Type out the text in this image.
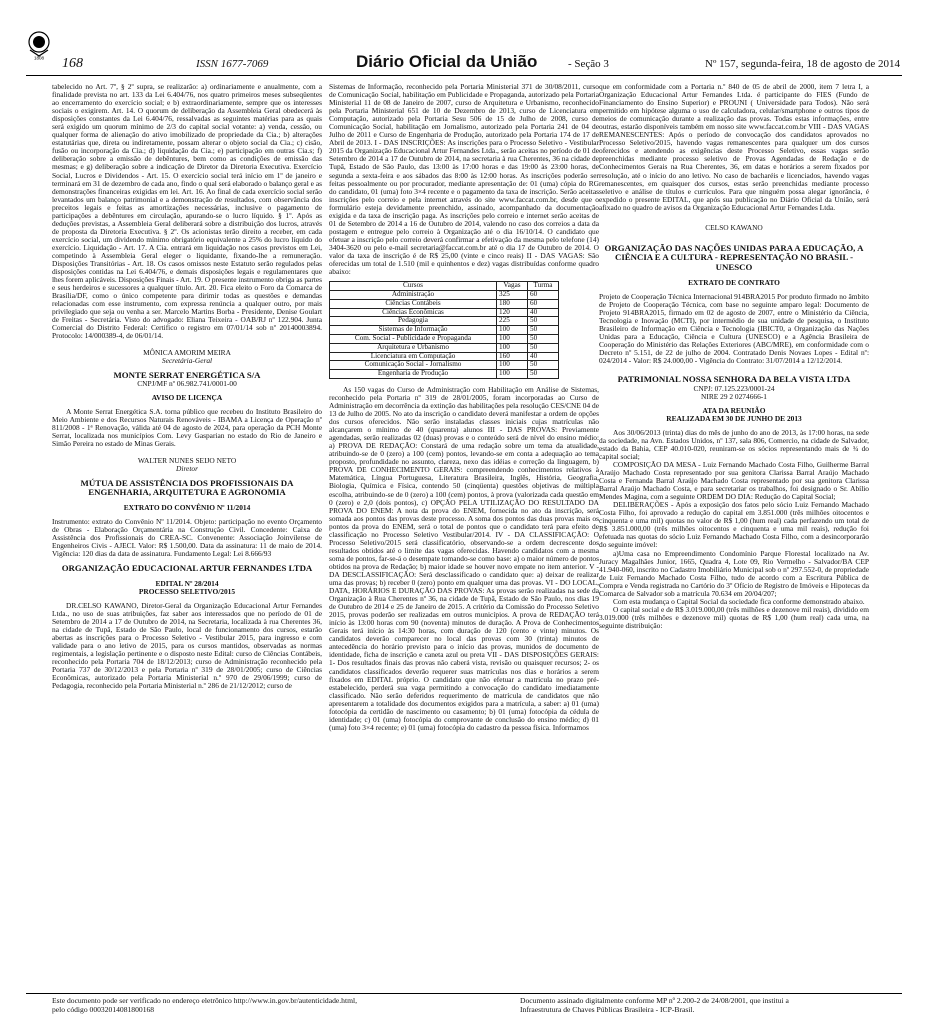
1808 168	ISSN 1677-7069	Diário Oficial da União	- Seção 3	Nº 157, segunda-feira, 18 de agosto de 2014

tabelecido no Art. 7º, § 2º supra, se realizarão: a) ordinariamente e anualmente, com a finalidade prevista no art. 133 da Lei 6.404/76, nos quatro primeiros meses subseqüentes ao encerramento do exercício social; e b) extraordinariamente, sempre que os interesses sociais o exigirem. Art. 14. O quorum de deliberação da Assembleia Geral obedecerá às disposições constantes da Lei 6.404/76, ressalvadas as seguintes matérias para as quais será exigido um quorum mínimo de 2/3 do capital social votante: a) venda, cessão, ou qualquer forma de alienação do ativo imobilizado de propriedade da Cia.; b) alterações estatutárias que, direta ou indiretamente, possam alterar o objeto social da Cia.; c) cisão, fusão ou incorporação da Cia.; d) liquidação da Cia.; e) participação em outras Cia.s; f) deliberação sobre a emissão de debêntures, bem como as condições de emissão das mesmas; e g) deliberação sobre a indicação de Diretor da Diretoria Executiva. Exercício Social, Lucros e Dividendos - Art. 15. O exercício social terá início em 1º de janeiro e terminará em 31 de dezembro de cada ano, findo o qual será elaborado o balanço geral e as demonstrações financeiras exigidas em lei. Art. 16. Ao final de cada exercício social serão levantados um balanço patrimonial e a demonstração de resultados, com observância dos preceitos legais e feitas as amortizações necessárias, inclusive o pagamento de participações a debêntures em circulação, apurando-se o lucro líquido. § 1º. Após as deduções previstas, a Assembleia Geral deliberará sobre a distribuição dos lucros, através de proposta da Diretoria Executiva. § 2º. Os acionistas terão direito a receber, em cada exercício social, um dividendo mínimo obrigatório equivalente a 25% do lucro líquido do exercício. Liquidação - Art. 17. A Cia. entrará em liquidação nos casos previstos em Lei, competindo à Assembleia Geral eleger o liquidante, fixando-lhe a remuneração. Disposições Transitórias - Art. 18. Os casos omissos neste Estatuto serão regulados pelas disposições contidas na Lei 6.404/76, e demais disposições legais e regulamentares que lhes forem aplicáveis. Disposições Finais - Art. 19. O presente instrumento obriga as partes e seus herdeiros e sucessores a qualquer título. Art. 20. Fica eleito o Foro da Comarca de Brasília/DF, como o único competente para dirimir todas as questões e demandas relacionadas com esse instrumento, com expressa renúncia a qualquer outro, por mais privilegiado que seja ou venha a ser. Marcelo Martins Borba - Presidente, Denise Goulart de Freitas - Secretária. Visto do advogado: Eliana Teixeira - OAB/RJ nº 122.904. Junta Comercial do Distrito Federal: Certifico o registro em 07/01/14 sob nº 20140003894. Protocolo: 14/000389-4, de 06/01/14.

MÔNICA AMORIM MEIRA

Secretária-Geral

MONTE SERRAT ENERGÉTICA S/A
CNPJ/MF nº 06.982.741/0001-00
AVISO DE LICENÇA

A Monte Serrat Energética S.A. torna público que recebeu do Instituto Brasileiro do Meio Ambiente e dos Recursos Naturais Renováveis - IBAMA a Licença de Operação nº 811/2008 - 1ª Renovação, válida até 04 de agosto de 2024, para operação da PCH Monte Serrat, localizada nos municípios Com. Levy Gasparian no estado do Rio de Janeiro e Simão Pereira no estado de Minas Gerais.

WALTER NUNES SEIJO NETO

Diretor

MÚTUA DE ASSISTÊNCIA DOS PROFISSIONAIS DA ENGENHARIA, ARQUITETURA E AGRONOMIA
EXTRATO DO CONVÊNIO Nº 11/2014

Instrumento: extrato do Convênio Nº 11/2014. Objeto: participação no evento Orçamento de Obras - Elaboração Orçamentária na Construção Civil. Concedente: Caixa de Assistência dos Profissionais do CREA-SC. Convenente: Associação Joinvilense de Engenheiros Civis - AJECI. Valor: R$ 1.500,00. Data da assinatura: 11 de maio de 2014. Vigência: 120 dias da data de assinatura. Fundamento Legal: Lei 8.666/93

ORGANIZAÇÃO EDUCACIONAL ARTUR FERNANDES LTDA
EDITAL Nº 28/2014
PROCESSO SELETIVO/2015

DR.CELSO KAWANO, Diretor-Geral da Organização Educacional Artur Fernandes Ltda., no uso de suas atribuições, faz saber aos interessados que no período de 01 de Setembro de 2014 a 17 de Outubro de 2014, na Secretaria, localizada à rua Cherentes 36, na cidade de Tupã, Estado de São Paulo, local de funcionamento dos cursos, estarão abertas as inscrições para o Processo Seletivo - Vestibular 2015, para ingresso e com validade para o ano letivo de 2015, para os cursos mantidos, observadas as normas regimentais, a legislação pertinente e o disposto neste Edital: curso de Ciências Contábeis, reconhecido pela Portaria 704 de 18/12/2013; curso de Administração reconhecido pela Portaria 737 de 30/12/2013 e pela Portaria nº 319 de 28/01/2005; curso de Ciências Econômicas, autorizado pela Portaria Ministerial n.º 970 de 29/06/1999; curso de Pedagogia, reconhecido pela Portaria Ministerial n.º 286 de 21/12/2012; curso de

Sistemas de Informação, reconhecido pela Portaria Ministerial 371 de 30/08/2011, curso de Comunicação Social, habilitação em Publicidade e Propaganda, autorizado pela Portaria Ministerial 11 de 08 de Janeiro de 2007, curso de Arquitetura e Urbanismo, reconhecido pela Portaria Ministerial 651 de 10 de Dezembro de 2013, curso de Licenciatura em Computação, autorizado pela Portaria Sesu 506 de 15 de Julho de 2008, curso de Comunicação Social, habilitação em Jornalismo, autorizado pela Portaria 241 de 04 de Julho de 2011 e Curso de Engenharia de Produção, autorizado pela Portaria 174 de 17 de Abril de 2013. I - DAS INSCRIÇÕES: As inscrições para o Processo Seletivo - Vestibular 2015 da Organização Educacional Artur Fernandes Ltda., serão aceitas no período de 01 de Setembro de 2014 a 17 de Outubro de 2014, na secretaria à rua Cherentes, 36 na cidade de Tupã, Estado de São Paulo, das 13:00 às 17:00 horas e das 19:00 às 23:00 horas, de segunda a sexta-feira e aos sábados das 8:00 às 12:00 horas. As inscrições poderão ser feitas pessoalmente ou por procurador, mediante apresentação de: 01 (uma) cópia do RG do candidato, 01 (uma) foto 3×4 recente e o pagamento da taxa de inscrição. Serão aceitas inscrições pelo correio e pela internet através do site www.faccat.com.br, desde que o formulário esteja devidamente preenchido, assinado, acompanhado da documentação exigida e da taxa de inscrição paga. As inscrições pelo correio e internet serão aceitas de 01 de Setembro de 2014 a 16 de Outubro de 2014, valendo no caso dos correios a data da postagem e entregue pelo correio à Organização até o dia 16/10/14. O candidato que efetuar a inscrição pelo correio deverá confirmar a efetivação da mesma pelo telefone (14) 3404-3620 ou pelo e-mail secretaria@faccat.com.br até o dia 17 de Outubro de 2014. O valor da taxa de inscrição é de R$ 25,00 (vinte e cinco reais) II - DAS VAGAS: São oferecidas um total de 1.510 (mil e quinhentos e dez) vagas distribuídas conforme quadro abaixo:

Cursos	Vagas	Turma
Administração	325	60
Ciências Contábeis	180	60
Ciências Econômicas	120	40
Pedagogia	225	50
Sistemas de Informação	100	50
Com. Social - Publicidade e Propaganda	100	50
Arquitetura e Urbanismo	100	50
Licenciatura em Computação	160	40
Comunicação Social - Jornalismo	100	50
Engenharia de Produção	100	50

As 150 vagas do Curso de Administração com Habilitação em Análise de Sistemas, reconhecido pela Portaria nº 319 de 28/01/2005, foram incorporadas ao Curso de Administração em decorrência da extinção das habilitações pela resolução CES/CNE 04 de 13 de Julho de 2005. No ato da inscrição o candidato deverá manifestar a ordem de opções dos cursos oferecidos. Não serão instaladas classes iniciais cujas matrículas não alcançarem o mínimo de 40 (quarenta) alunos III - DAS PROVAS: Previamente agendadas, serão realizadas 02 (duas) provas e o conteúdo será de nível do ensino médio: a) PROVA DE REDAÇÃO: Constará de uma redação sobre um tema da atualidade, atribuindo-se de 0 (zero) a 100 (cem) pontos, levando-se em conta a adequação ao tema proposto, profundidade no assunto, clareza, nexo das idéias e correção da linguagem, b) PROVA DE CONHECIMENTO GERAIS: compreendendo conhecimentos relativos à Matemática, Língua Portuguesa, Literatura Brasileira, Inglês, História, Geografia, Biologia, Química e Física, contendo 50 (cinqüenta) questões objetivas de múltipla escolha, atribuindo-se de 0 (zero) a 100 (cem) pontos, à prova (valorizada cada questão em 0 (zero) e 2,0 (dois pontos), c) OPÇÃO PELA UTILIZAÇÃO DO RESULTADO DA PROVA DO ENEM: A nota da prova do ENEM, fornecida no ato da inscrição, será somada aos pontos das provas deste processo. A soma dos pontos das duas provas mais os pontos da prova do ENEM, será o total de pontos que o candidato terá para efeito de classificação no Processo Seletivo Vestibular/2014. IV - DA CLASSIFICAÇÃO: O Processo Seletivo/2015 será classificatório, observando-se a ordem decrescente dos resultados obtidos até o limite das vagas oferecidas. Havendo candidatos com a mesma soma de pontos, far-se-á o desempate tomando-se como base: a) o maior número de pontos obtidos na prova de Redação; b) maior idade se houver novo empate no item anterior. V - DA DESCLASSIFICAÇÃO: Será desclassificado o candidato que: a) deixar de realizar uma das provas; b) receber 0 (zero) ponto em qualquer uma das provas. VI - DO LOCAL, DATA, HORÁRIOS E DURAÇÃO DAS PROVAS: As provas serão realizadas na sede da Organização à Rua Cherentes nº 36, na cidade de Tupã, Estado de São Paulo, nos dias 19 de Outubro de 2014 e 25 de Janeiro de 2015. A critério da Comissão do Processo Seletivo 2015, provas poderão ser realizadas em outros municípios. A prova de REDAÇÃO terá início às 13:00 horas com 90 (noventa) minutos de duração. A Prova de Conhecimentos Gerais terá início às 14:30 horas, com duração de 120 (cento e vinte) minutos. Os candidatos deverão comparecer no local das provas com 30 (trinta) minutos de antecedência do horário previsto para o início das provas, munidos de documento de identidade, ficha de inscrição e caneta azul ou preta VII - DAS DISPOSIÇÕES GERAIS: 1- Dos resultados finais das provas não caberá vista, revisão ou quaisquer recursos; 2- os candidatos classificados deverão requerer suas matrículas nos dias e horários a serem fixados em EDITAL próprio. O candidato que não efetuar a matrícula no prazo pré-estabelecido, perderá sua vaga permitindo a convocação do candidato imediatamente classificado. Não serão deferidos requerimento de matrícula de candidatos que não apresentarem a totalidade dos documentos exigidos para a matrícula, a saber: a) 01 (uma) fotocópia da certidão de nascimento ou casamento; b) 01 (uma) fotocópia da cédula de identidade; c) 01 (uma) fotocópia do comprovante de conclusão do ensino médio; d) 01 (uma) foto 3×4 recente; e) 01 (uma) fotocópia do cadastro da pessoa física. Informamos

que em conformidade com a Portaria n.º 840 de 05 de abril de 2000, item 7 letra I, a Organização Educacional Artur Fernandes Ltda. é participante do FIES (Fundo de Financiamento do Ensino Superior) e PROUNI ( Universidade para Todos). Não será permitido em hipótese alguma o uso de calculadora, celular/smartphone e outros tipos de meios de comunicação durante a realização das provas. Todas estas informações, entre outras, estarão disponíveis também em nosso site www.faccat.com.br VIII - DAS VAGAS REMANESCENTES: Após o período de convocação dos candidatos aprovados no Processo Seletivo/2015, havendo vagas remanescentes para qualquer um dos cursos oferecidos e atendendo as exigências deste Processo Seletivo, essas vagas serão preenchidas mediante processo seletivo de Provas Agendadas de Redação e de Conhecimentos Gerais na Rua Cherentes, 36, em datas e horários a serem fixados por resolução, até o início do ano letivo. No caso de bacharéis e licenciados, havendo vagas remanescentes, em quaisquer dos cursos, estas serão preenchidas mediante processo seletivo e análise de títulos e currículos. Para que ninguém possa alegar ignorância, é expedido o presente EDITAL, que após sua publicação no Diário Oficial da União, será afixado no quadro de avisos da Organização Educacional Artur Fernandes Ltda.

CELSO KAWANO

ORGANIZAÇÃO DAS NAÇÕES UNIDAS PARA A EDUCAÇÃO, A CIÊNCIA E A CULTURA - REPRESENTAÇÃO NO BRASIL - UNESCO
EXTRATO DE CONTRATO

Projeto de Cooperação Técnica Internacional 914BRA2015 Por produto firmado no âmbito de Projeto de Cooperação Técnica, com base no seguinte amparo legal: Documento de Projeto 914BRA2015, firmado em 02 de agosto de 2007, entre o Ministério da Ciência, Tecnologia e Inovação (MCTI), por intermédio de sua unidade de pesquisa, o Instituto Brasileiro de Informação em Ciência e Tecnologia (IBICT0, a Organização das Nações Unidas para a Educação, Ciência e Cultura (UNESCO) e a Agência Brasileira de Cooperação do Ministério das Relações Exteriores (ABC/MRE), em conformidade com o Decreto nº 5.151, de 22 de julho de 2004. Contratado Denis Novaes Lopes - Edital nº: 024/2014 - Valor: R$ 24.000,00 - Vigência do Contrato: 31/07/2014 a 12/12/2014.

PATRIMONIAL NOSSA SENHORA DA BELA VISTA LTDA
CNPJ: 07.125.223/0001-24
NIRE 29 2 0274666-1
ATA DA REUNIÃO
REALIZADA EM 30 DE JUNHO DE 2013

Aos 30/06/2013 (trinta) dias do mês de junho do ano de 2013, às 17:00 horas, na sede da sociedade, na Avn. Estados Unidos, nº 137, sala 806, Comercio, na cidade de Salvador, estado da Bahia, CEP 40.010-020, reuniram-se os sócios representando mais de ¾ do capital social;

COMPOSIÇÃO DA MESA - Luiz Fernando Machado Costa Filho, Guilherme Barral Araújo Machado Costa representado por sua genitora Clarissa Barral Araújo Machado Costa e Fernanda Barral Araújo Machado Costa representado por sua genitora Clarissa Barral Araújo Machado Costa, e para secretariar os trabalhos, foi designado o Sr. Abílio Mendes Magina, com a seguinte ORDEM DO DIA: Redução do Capital Social;

DELIBERAÇÕES - Após a exposição dos fatos pelo sócio Luiz Fernando Machado Costa Filho, foi aprovado a redução do capital em 3.851.000 (três milhões oitocentos e cinquenta e uma mil) quotas no valor de R$ 1,00 (hum real) cada perfazendo um total de R$ 3.851.000,00 (três milhões oitocentos e cinquenta e uma mil reais), redução foi efetuada nas quotas do sócio Luiz Fernando Machado Costa Filho, com a desincorporarão do seguinte imóvel:

a)Uma casa no Empreendimento Condomínio Parque Florestal localizado na Av. Juracy Magalhães Junior, 1665, Quadra 4, Lote 09, Rio Vermelho - Salvador/BA CEP 41.940-060, inscrito no Cadastro Imobiliário Municipal sob o nº 297.552-0, de propriedade de Luiz Fernando Machado Costa Filho, tudo de acordo com a Escritura Pública de Compra e Venda registrada no Cartório do 3º Ofício de Registro de Imóveis e Hipotecas da Comarca de Salvador sob a matrícula 70.634 em 20/04/207;

Com esta mudança o Capital Social da sociedade fica conforme demonstrado abaixo.

O capital social e de R$ 3.019.000,00 (três milhões e dezenove mil reais), dividido em 3.019.000 (três milhões e dezenove mil) quotas de R$ 1,00 (hum real) cada uma, na seguinte distribuição:

Este documento pode ser verificado no endereço eletrônico http://www.in.gov.br/autenticidade.html,
pelo código 00032014081800168
Documento assinado digitalmente conforme MP nº 2.200-2 de 24/08/2001, que institui a
Infraestrutura de Chaves Públicas Brasileira - ICP-Brasil.
